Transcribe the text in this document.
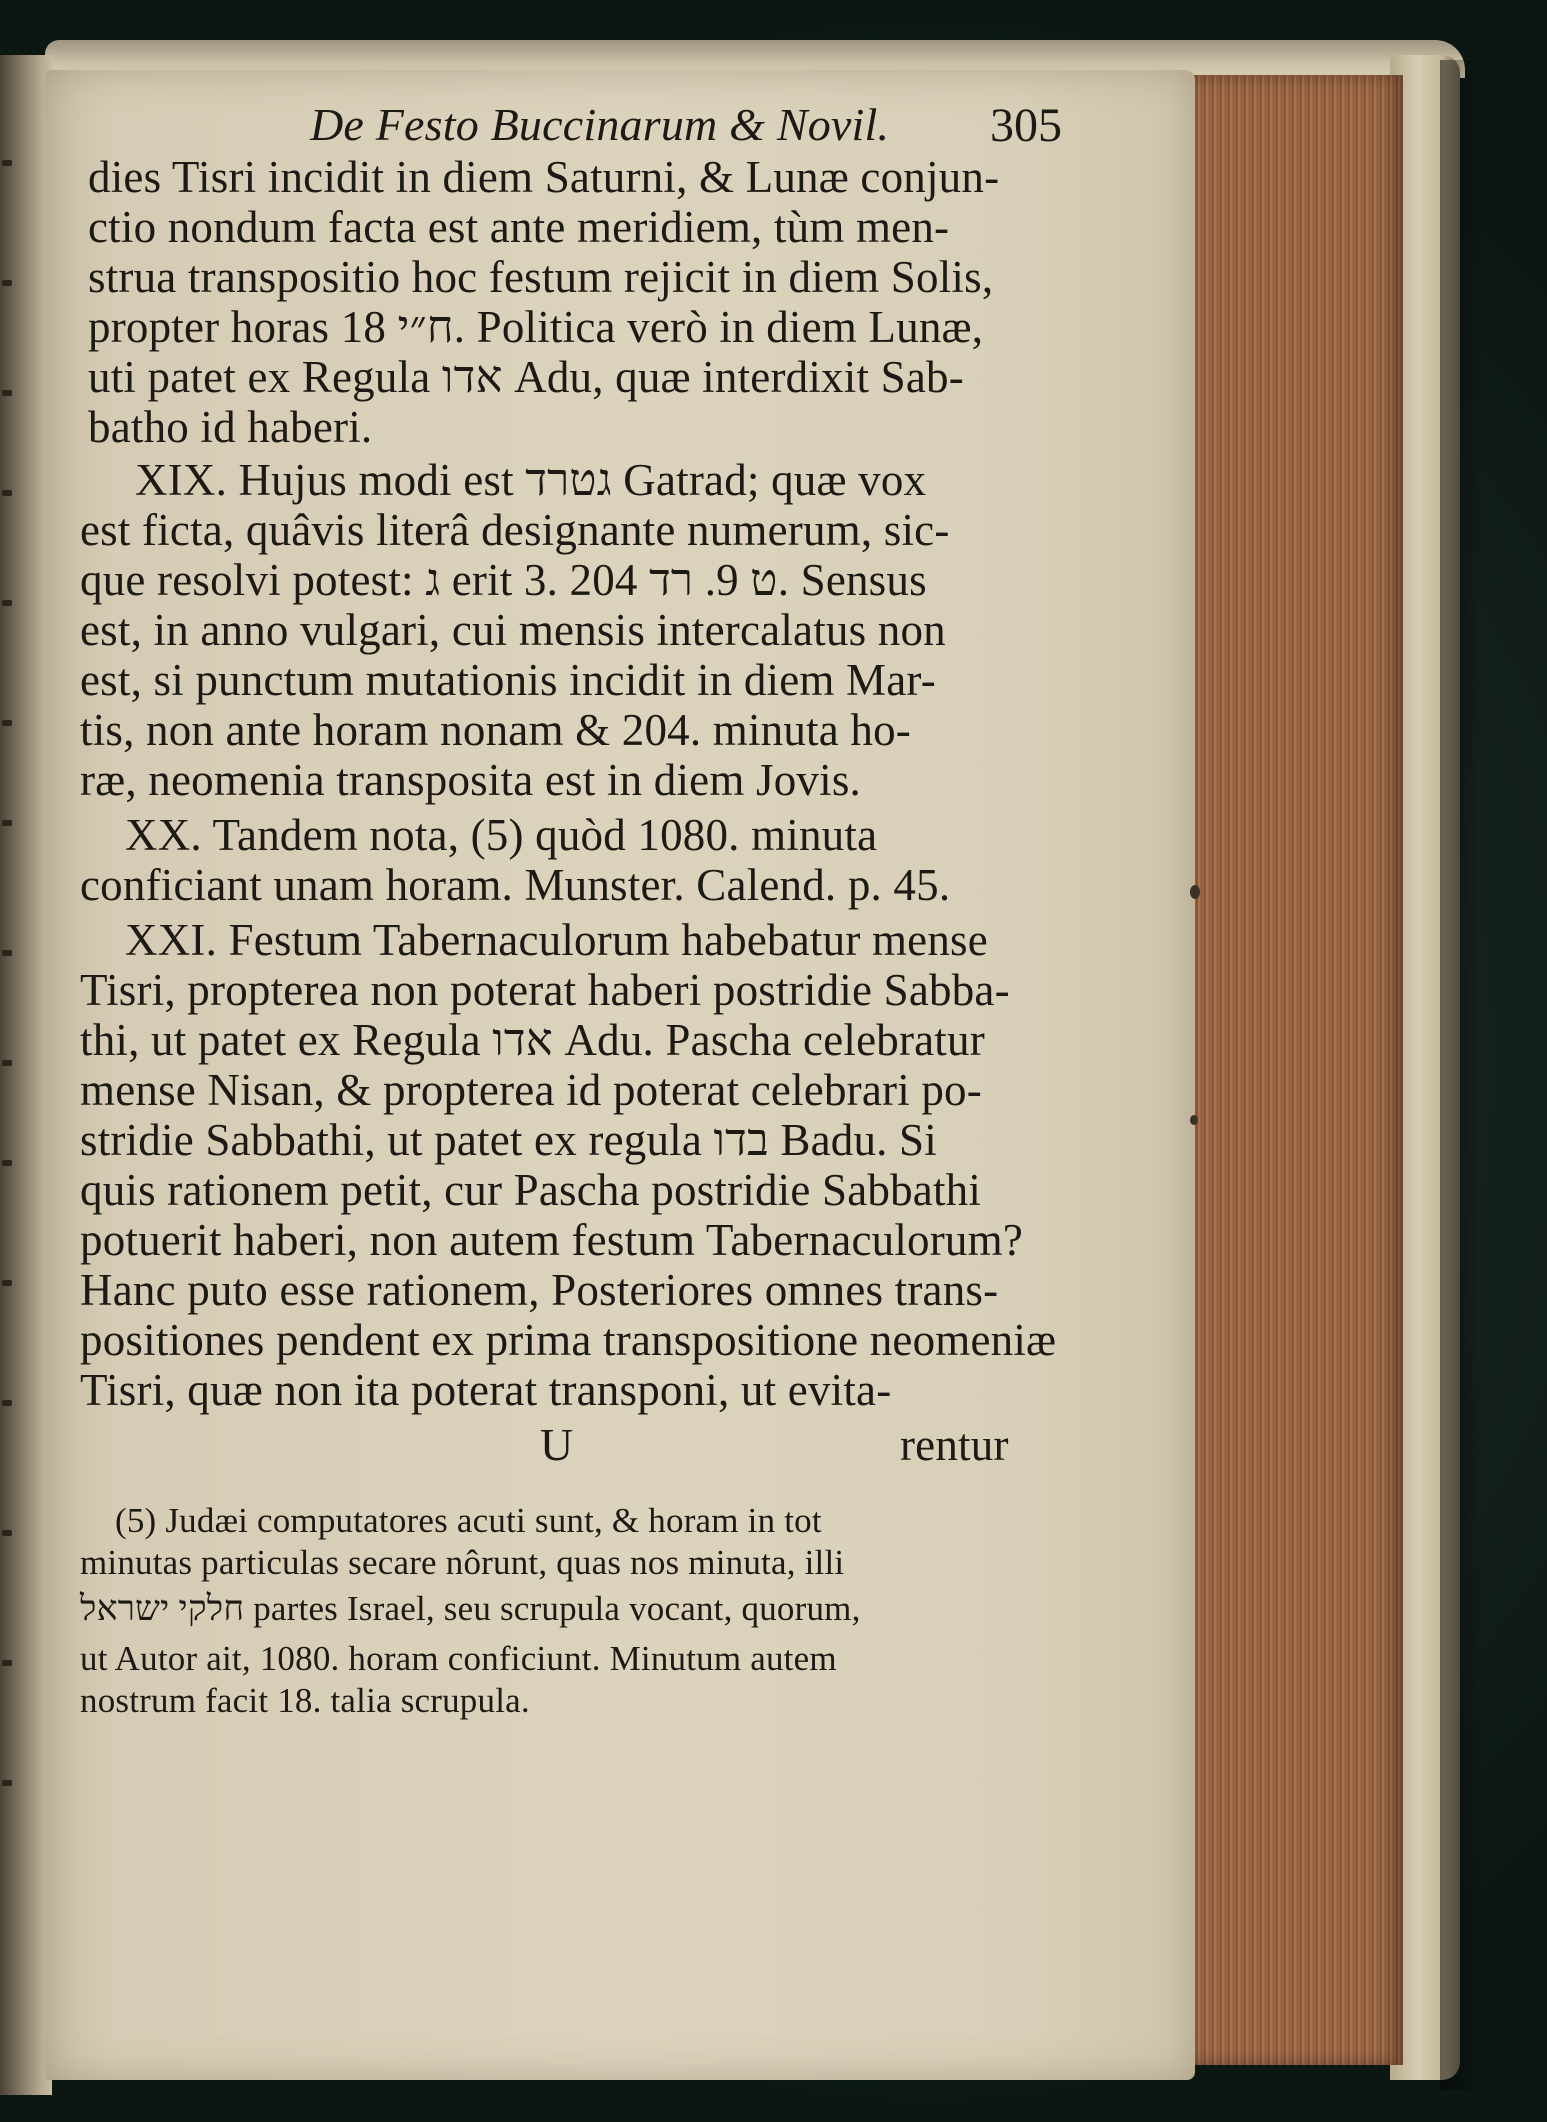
De Festo Buccinarum & Novil. 305
dies Tisri incidit in diem Saturni, & Lunæ conjun-
ctio nondum facta est ante meridiem, tùm men-
strua transpositio hoc festum rejicit in diem Solis,
propter horas ח״י 18. Politica verò in diem Lunæ,
uti patet ex Regula אדו Adu, quæ interdixit Sab-
batho id haberi.
XIX. Hujus modi est גטרד Gatrad; quæ vox
est ficta, quâvis literâ designante numerum, sic-
que resolvi potest: ג erit 3. ט 9. רד 204. Sensus
est, in anno vulgari, cui mensis intercalatus non
est, si punctum mutationis incidit in diem Mar-
tis, non ante horam nonam & 204. minuta ho-
ræ, neomenia transposita est in diem Jovis.
XX. Tandem nota, (5) quòd 1080. minuta
conficiant unam horam. Munster. Calend. p. 45.
XXI. Festum Tabernaculorum habebatur mense
Tisri, propterea non poterat haberi postridie Sabba-
thi, ut patet ex Regula אדו Adu. Pascha celebratur
mense Nisan, & propterea id poterat celebrari po-
stridie Sabbathi, ut patet ex regula בדו Badu. Si
quis rationem petit, cur Pascha postridie Sabbathi
potuerit haberi, non autem festum Tabernaculorum?
Hanc puto esse rationem, Posteriores omnes trans-
positiones pendent ex prima transpositione neomeniæ
Tisri, quæ non ita poterat transponi, ut evita-
U	rentur
(5) Judæi computatores acuti sunt, & horam in tot
minutas particulas secare nôrunt, quas nos minuta, illi
חלקי ישראל partes Israel, seu scrupula vocant, quorum,
ut Autor ait, 1080. horam conficiunt. Minutum autem
nostrum facit 18. talia scrupula.
